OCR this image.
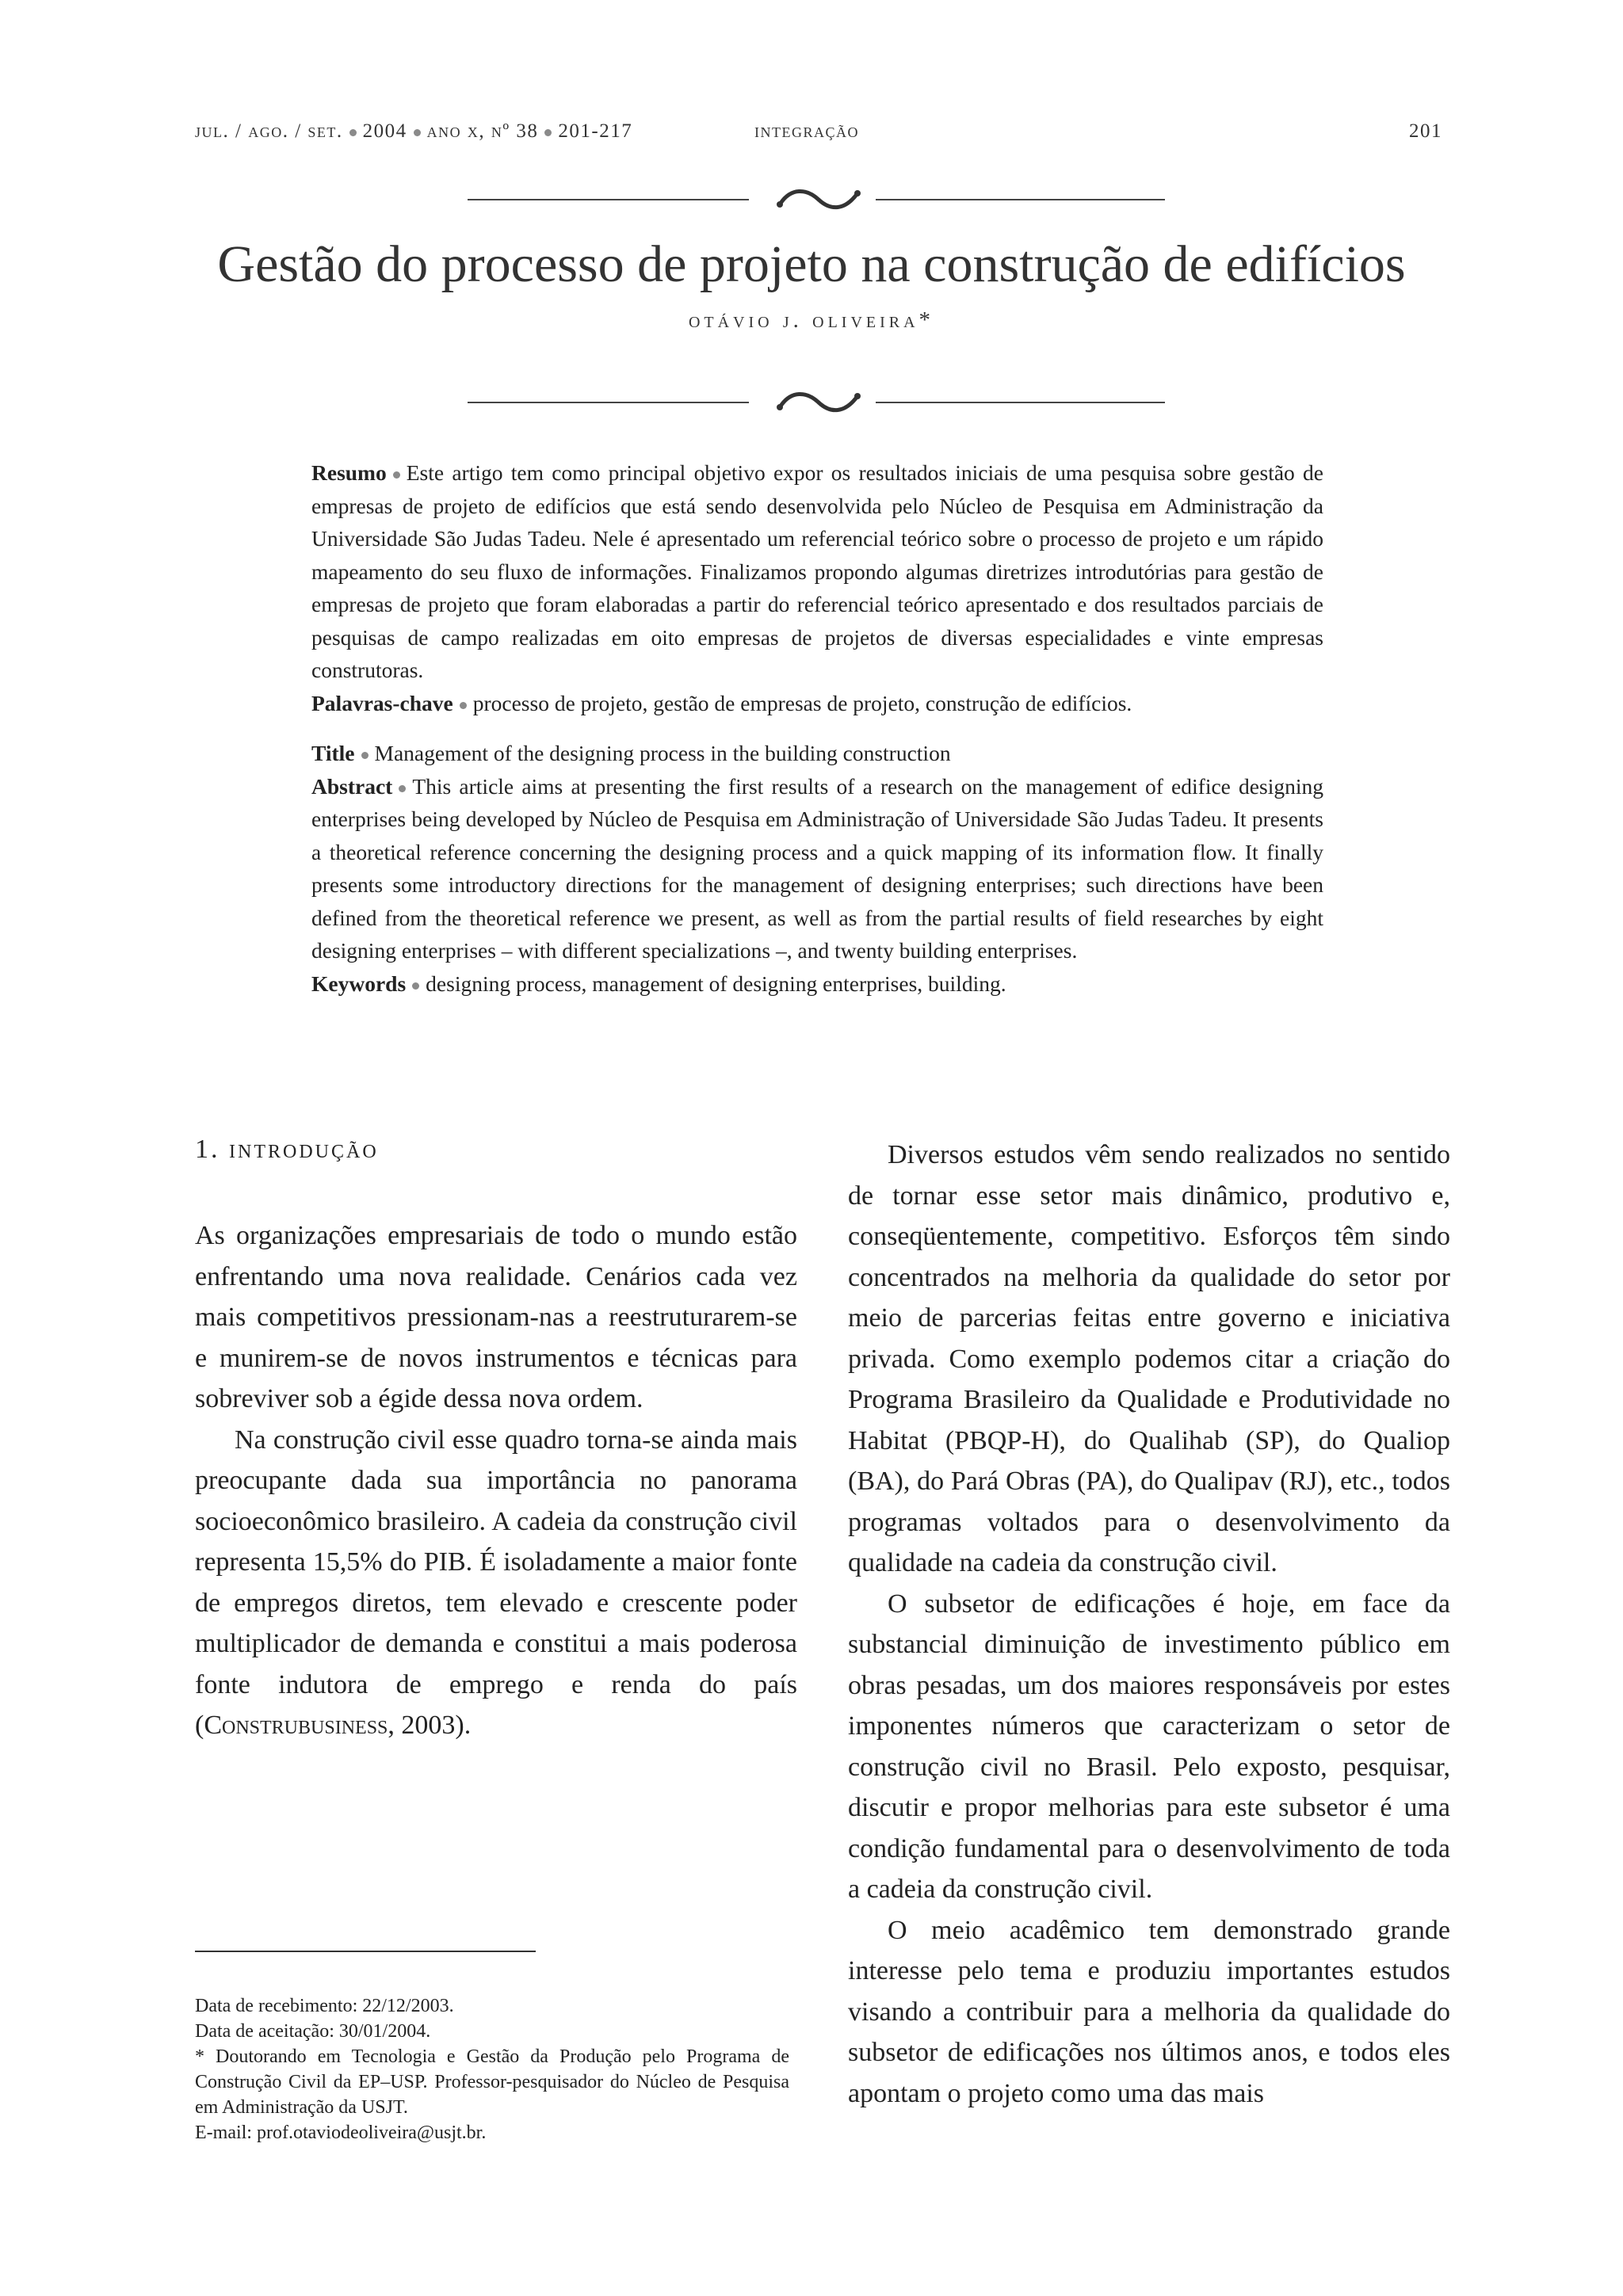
jul. / ago. / set. 2004 ano x, nº 38 201-217	integração	201
Gestão do processo de projeto na construção de edifícios
otávio j. oliveira*

Resumo Este artigo tem como principal objetivo expor os resultados iniciais de uma pesquisa sobre gestão de empresas de projeto de edifícios que está sendo desenvolvida pelo Núcleo de Pesquisa em Administração da Universidade São Judas Tadeu. Nele é apresentado um referencial teórico sobre o processo de projeto e um rápido mapeamento do seu fluxo de informações. Finalizamos propondo algumas diretrizes introdutórias para gestão de empresas de projeto que foram elaboradas a partir do referencial teórico apresentado e dos resultados parciais de pesquisas de campo realizadas em oito empresas de projetos de diversas especialidades e vinte empresas construtoras.

Palavras-chave processo de projeto, gestão de empresas de projeto, construção de edifícios.

Title Management of the designing process in the building construction

Abstract This article aims at presenting the first results of a research on the management of edifice designing enterprises being developed by Núcleo de Pesquisa em Administração of Universidade São Judas Tadeu. It presents a theoretical reference concerning the designing process and a quick mapping of its information flow. It finally presents some introductory directions for the management of designing enterprises; such directions have been defined from the theoretical reference we present, as well as from the partial results of field researches by eight designing enterprises – with different specializations –, and twenty building enterprises.

Keywords designing process, management of designing enterprises, building.

1. introdução

As organizações empresariais de todo o mundo estão enfrentando uma nova realidade. Cenários cada vez mais competitivos pressionam-nas a reestruturarem-se e munirem-se de novos instrumentos e técnicas para sobreviver sob a égide dessa nova ordem.

Na construção civil esse quadro torna-se ainda mais preocupante dada sua importância no panorama socioeconômico brasileiro. A cadeia da construção civil representa 15,5% do PIB. É isoladamente a maior fonte de empregos diretos, tem elevado e crescente poder multiplicador de demanda e constitui a mais poderosa fonte indutora de emprego e renda do país (Construbusiness, 2003).

Diversos estudos vêm sendo realizados no sentido de tornar esse setor mais dinâmico, produtivo e, conseqüentemente, competitivo. Esforços têm sindo concentrados na melhoria da qualidade do setor por meio de parcerias feitas entre governo e iniciativa privada. Como exemplo podemos citar a criação do Programa Brasileiro da Qualidade e Produtividade no Habitat (PBQP-H), do Qualihab (SP), do Qualiop (BA), do Pará Obras (PA), do Qualipav (RJ), etc., todos programas voltados para o desenvolvimento da qualidade na cadeia da construção civil.

O subsetor de edificações é hoje, em face da substancial diminuição de investimento público em obras pesadas, um dos maiores responsáveis por estes imponentes números que caracterizam o setor de construção civil no Brasil. Pelo exposto, pesquisar, discutir e propor melhorias para este subsetor é uma condição fundamental para o desenvolvimento de toda a cadeia da construção civil.

O meio acadêmico tem demonstrado grande interesse pelo tema e produziu importantes estudos visando a contribuir para a melhoria da qualidade do subsetor de edificações nos últimos anos, e todos eles apontam o projeto como uma das mais

Data de recebimento: 22/12/2003.

Data de aceitação: 30/01/2004.

* Doutorando em Tecnologia e Gestão da Produção pelo Programa de Construção Civil da EP–USP. Professor-pesquisador do Núcleo de Pesquisa em Administração da USJT.

E-mail: prof.otaviodeoliveira@usjt.br.
